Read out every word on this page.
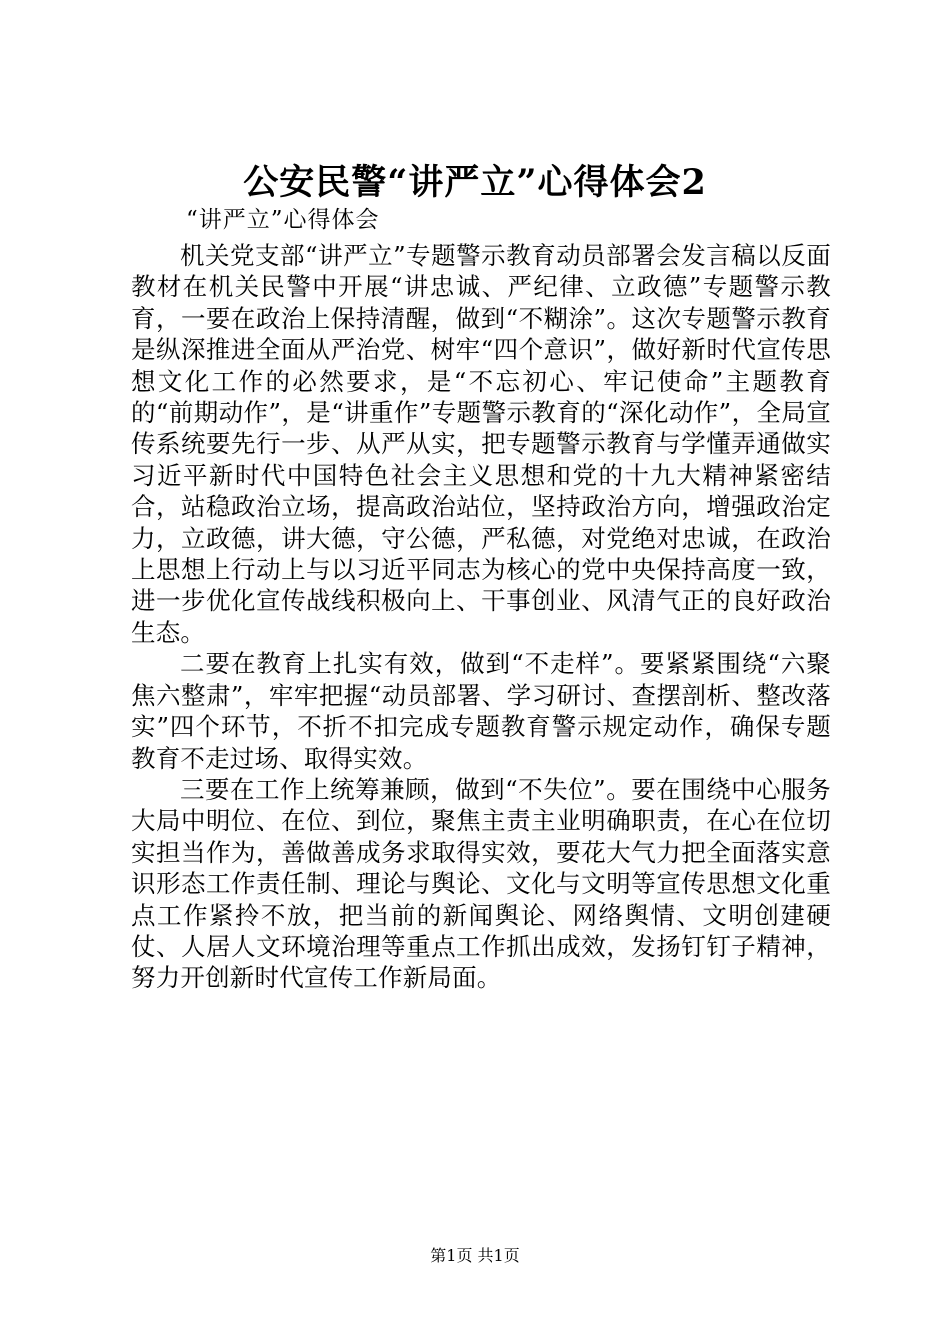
公安民警“讲严立”心得体会2
“讲严立”心得体会

机关党支部“讲严立”专题警示教育动员部署会发言稿以反面教材在机关民警中开展“讲忠诚、严纪律、立政德”专题警示教育，一要在政治上保持清醒，做到“不糊涂”。这次专题警示教育是纵深推进全面从严治党、树牢“四个意识”，做好新时代宣传思想文化工作的必然要求，是“不忘初心、牢记使命”主题教育的“前期动作”，是“讲重作”专题警示教育的“深化动作”，全局宣传系统要先行一步、从严从实，把专题警示教育与学懂弄通做实习近平新时代中国特色社会主义思想和党的十九大精神紧密结合，站稳政治立场，提高政治站位，坚持政治方向，增强政治定力，立政德，讲大德，守公德，严私德，对党绝对忠诚，在政治上思想上行动上与以习近平同志为核心的党中央保持高度一致，进一步优化宣传战线积极向上、干事创业、风清气正的良好政治生态。

二要在教育上扎实有效，做到“不走样”。要紧紧围绕“六聚焦六整肃”，牢牢把握“动员部署、学习研讨、查摆剖析、整改落实”四个环节，不折不扣完成专题教育警示规定动作，确保专题教育不走过场、取得实效。

三要在工作上统筹兼顾，做到“不失位”。要在围绕中心服务大局中明位、在位、到位，聚焦主责主业明确职责，在心在位切实担当作为，善做善成务求取得实效，要花大气力把全面落实意识形态工作责任制、理论与舆论、文化与文明等宣传思想文化重点工作紧拎不放，把当前的新闻舆论、网络舆情、文明创建硬仗、人居人文环境治理等重点工作抓出成效，发扬钉钉子精神，努力开创新时代宣传工作新局面。

第1页 共1页
